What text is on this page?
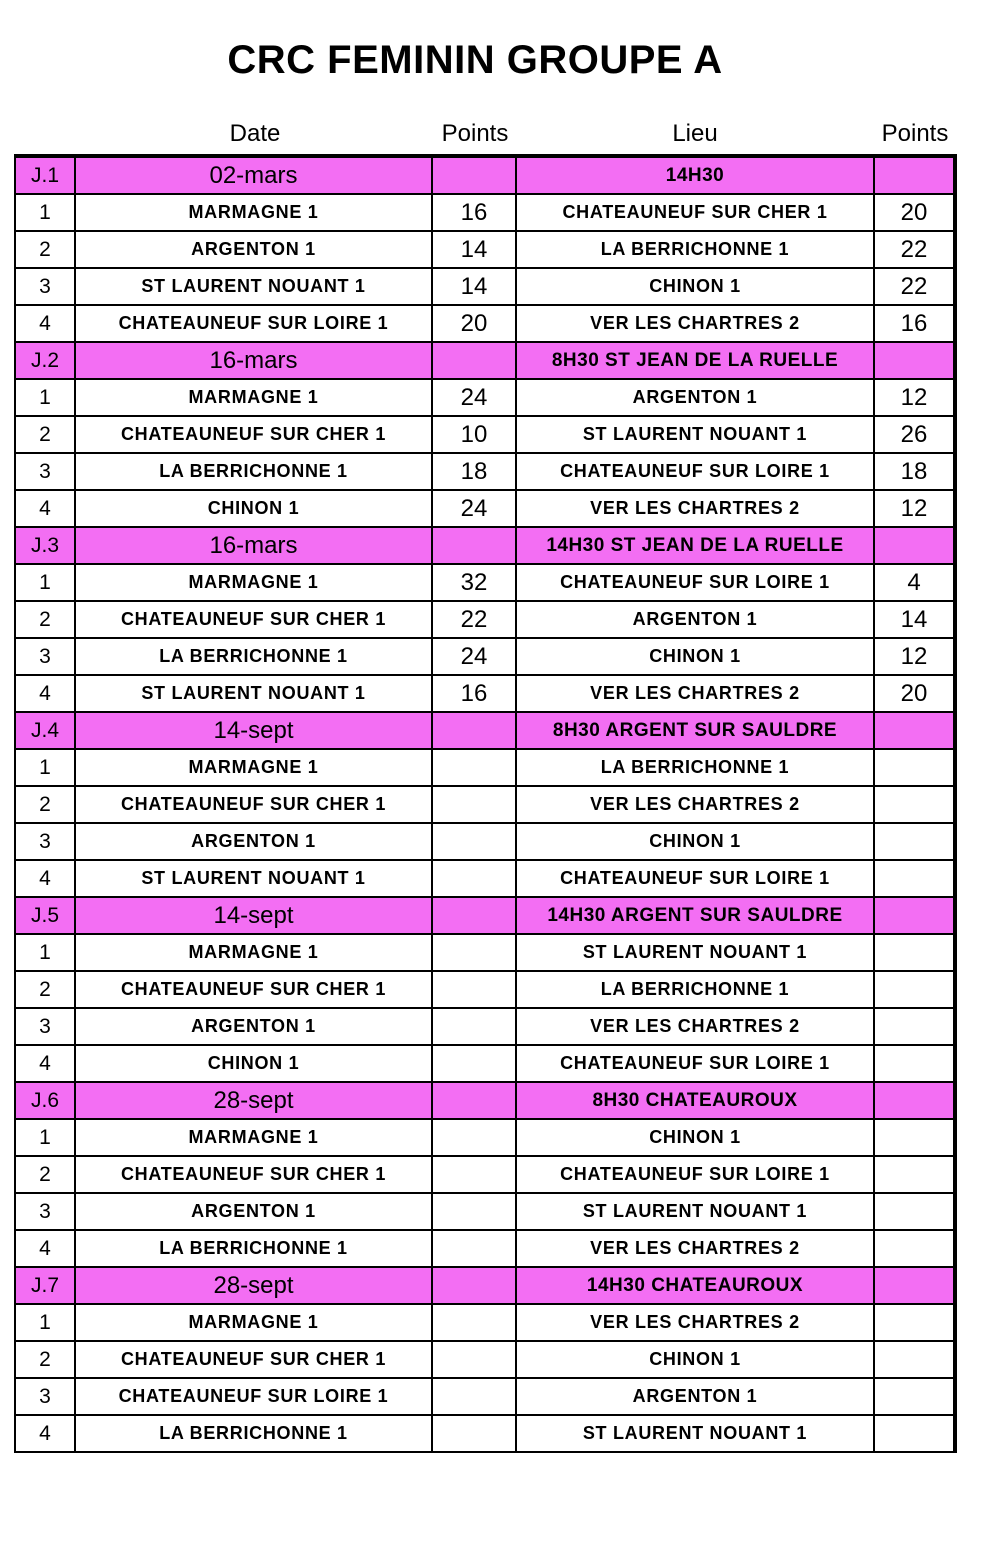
CRC FEMININ GROUPE A
Date	Points	Lieu	Points
J.1	02-mars		14H30	
1	MARMAGNE 1	16	CHATEAUNEUF SUR CHER 1	20
2	ARGENTON 1	14	LA BERRICHONNE 1	22
3	ST LAURENT NOUANT 1	14	CHINON 1	22
4	CHATEAUNEUF SUR LOIRE 1	20	VER LES CHARTRES 2	16
J.2	16-mars		8H30 ST JEAN DE LA RUELLE	
1	MARMAGNE 1	24	ARGENTON 1	12
2	CHATEAUNEUF SUR CHER 1	10	ST LAURENT NOUANT 1	26
3	LA BERRICHONNE 1	18	CHATEAUNEUF SUR LOIRE 1	18
4	CHINON 1	24	VER LES CHARTRES 2	12
J.3	16-mars		14H30 ST JEAN DE LA RUELLE	
1	MARMAGNE 1	32	CHATEAUNEUF SUR LOIRE 1	4
2	CHATEAUNEUF SUR CHER 1	22	ARGENTON 1	14
3	LA BERRICHONNE 1	24	CHINON 1	12
4	ST LAURENT NOUANT 1	16	VER LES CHARTRES 2	20
J.4	14-sept		8H30 ARGENT SUR SAULDRE	
1	MARMAGNE 1		LA BERRICHONNE 1	
2	CHATEAUNEUF SUR CHER 1		VER LES CHARTRES 2	
3	ARGENTON 1		CHINON 1	
4	ST LAURENT NOUANT 1		CHATEAUNEUF SUR LOIRE 1	
J.5	14-sept		14H30 ARGENT SUR SAULDRE	
1	MARMAGNE 1		ST LAURENT NOUANT 1	
2	CHATEAUNEUF SUR CHER 1		LA BERRICHONNE 1	
3	ARGENTON 1		VER LES CHARTRES 2	
4	CHINON 1		CHATEAUNEUF SUR LOIRE 1	
J.6	28-sept		8H30 CHATEAUROUX	
1	MARMAGNE 1		CHINON 1	
2	CHATEAUNEUF SUR CHER 1		CHATEAUNEUF SUR LOIRE 1	
3	ARGENTON 1		ST LAURENT NOUANT 1	
4	LA BERRICHONNE 1		VER LES CHARTRES 2	
J.7	28-sept		14H30 CHATEAUROUX	
1	MARMAGNE 1		VER LES CHARTRES 2	
2	CHATEAUNEUF SUR CHER 1		CHINON 1	
3	CHATEAUNEUF SUR LOIRE 1		ARGENTON 1	
4	LA BERRICHONNE 1		ST LAURENT NOUANT 1	
